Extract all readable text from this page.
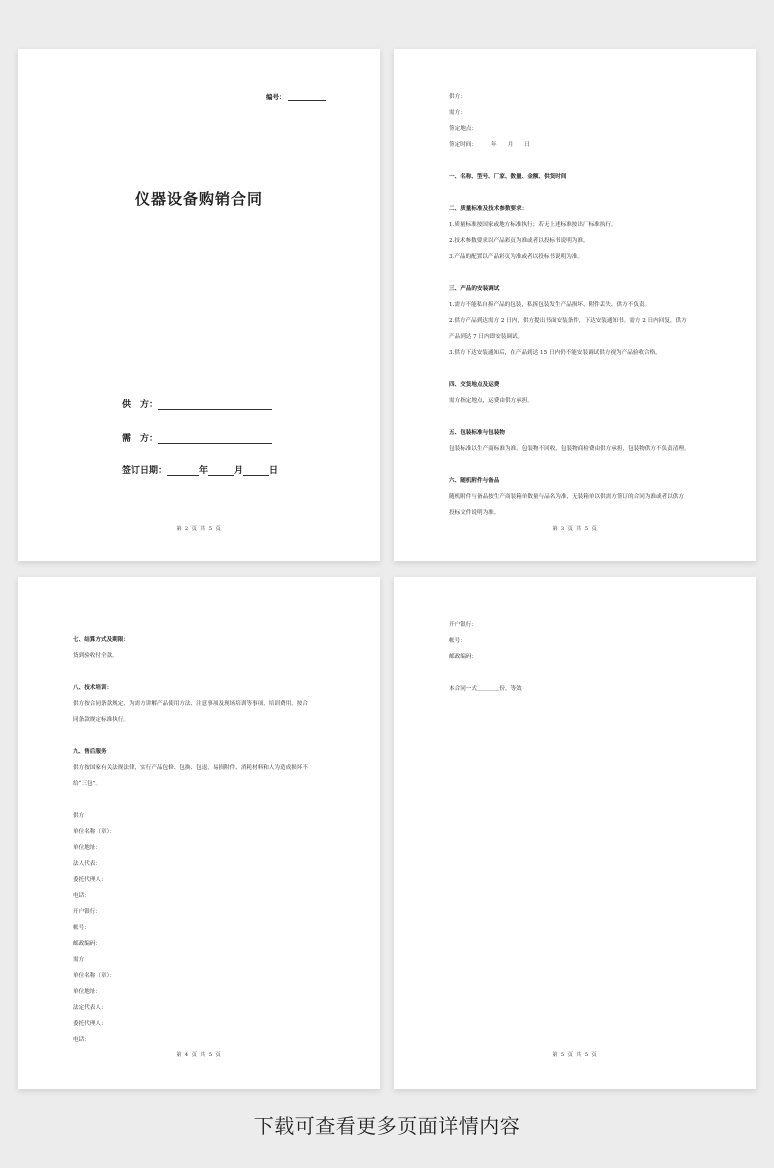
编号：
仪器设备购销合同
供　方：
需　方：
签订日期：	年	月	日
第 2 页 共 5 页

供方：

需方：

签定地点：

签定时间：　　　年　　月　　日

一、名称、型号、厂家、数量、金额、供货时间

二、质量标准及技术参数要求：

1.质量标准按国家或地方标准执行；若无上述标准按出厂标准执行。

2.技术参数要求以产品彩页为准或者以投标书说明为准。

3.产品的配置以产品彩页为准或者以投标书说明为准。

三、产品的安装调试

1.需方不能私自拆产品的包装，私拆包装发生产品损坏、附件丢失，供方不负责。

2.供方产品到达需方 2 日内，供方提出书面安装条件，下达安装通知书。需方 2 日内回复，供方

产品到达 7 日内即安装调试。

3.供方下达安装通知后，在产品到达 15 日内仍不能安装调试供方视为产品验收合格。

四、交货地点及运费

需方指定地点，运费由供方承担。

五、包装标准与包装物

包装标准以生产商标准为准，包装物不回收，包装物商检费由供方承担，包装物供方不负责清理。

六、随机附件与备品

随机附件与备品按生产商装箱单数量与品名为准，无装箱单以供需方签订的合同为准或者以供方

投标文件说明为准。

第 3 页 共 5 页

七、结算方式及期限：

货到验收付全款。

八、技术培训：

供方按合同条款规定，为需方讲解产品使用方法、注意事项及现场培训等事项，培训费用，按合

同条款规定标准执行。

九、售后服务

供方按国家有关法规法律，实行产品包修、包换、包退，易损附件、消耗材料和人为造成损坏不

给“三包”。

供方

单位名称（章）：

单位地址：

法人代表：

委托代理人：

电话：

开户银行：

帐号：

邮政编码：

需方

单位名称（章）：

单位地址：

法定代表人：

委托代理人：

电话：

第 4 页 共 5 页

开户银行：

帐号：

邮政编码：

本合同一式＿＿＿＿份，等效

第 5 页 共 5 页
下载可查看更多页面详情内容
